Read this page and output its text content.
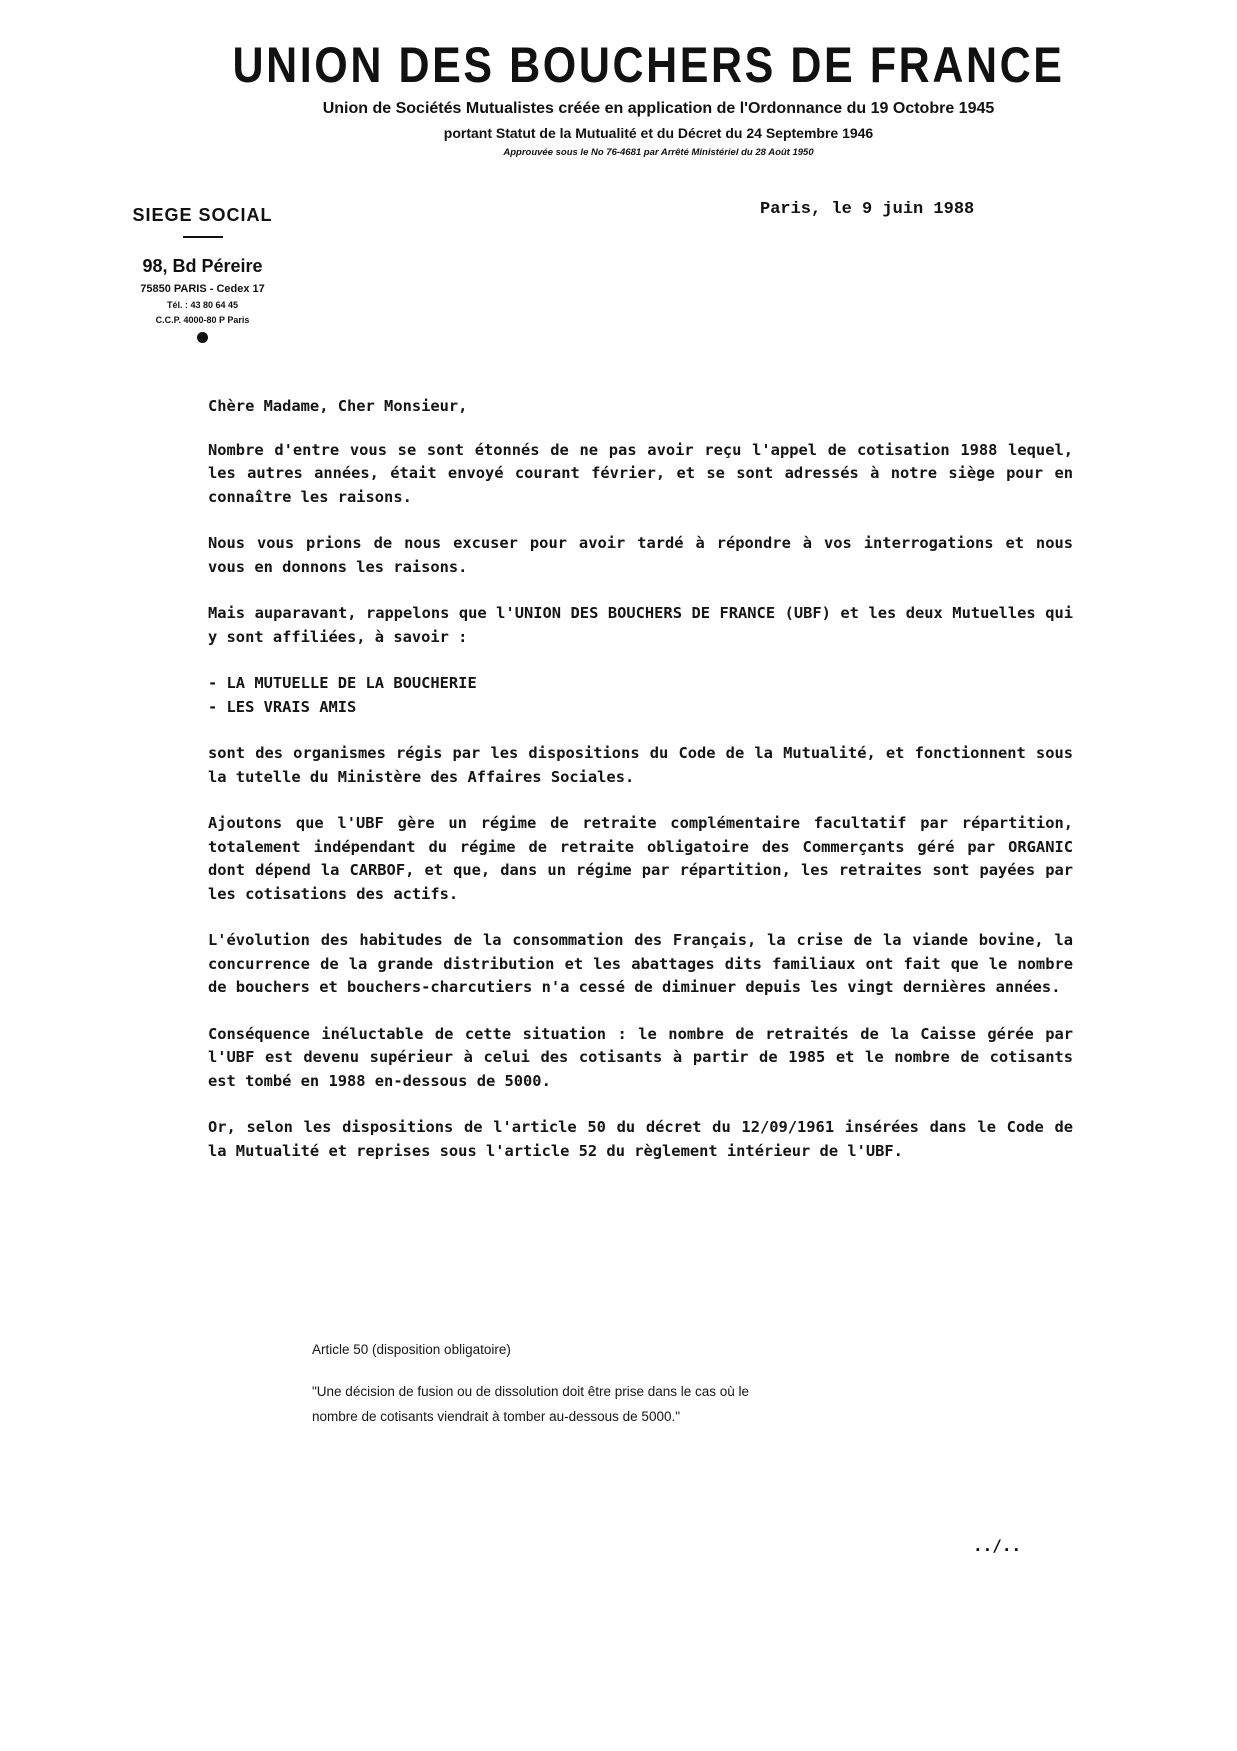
UNION DES BOUCHERS DE FRANCE
Union de Sociétés Mutualistes créée en application de l'Ordonnance du 19 Octobre 1945
portant Statut de la Mutualité et du Décret du 24 Septembre 1946
Approuvée sous le No 76-4681 par Arrêté Ministériel du 28 Août 1950
SIEGE SOCIAL
98, Bd Péreire
75850 PARIS - Cedex 17
Tél. : 43 80 64 45
C.C.P. 4000-80 P Paris
Paris, le 9 juin 1988

Chère Madame, Cher Monsieur,

Nombre d'entre vous se sont étonnés de ne pas avoir reçu l'appel de cotisation 1988 lequel, les autres années, était envoyé courant février, et se sont adressés à notre siège pour en connaître les raisons.

Nous vous prions de nous excuser pour avoir tardé à répondre à vos interrogations et nous vous en donnons les raisons.

Mais auparavant, rappelons que l'UNION DES BOUCHERS DE FRANCE (UBF) et les deux Mutuelles qui y sont affiliées, à savoir :

- LA MUTUELLE DE LA BOUCHERIE
- LES VRAIS AMIS

sont des organismes régis par les dispositions du Code de la Mutualité, et fonctionnent sous la tutelle du Ministère des Affaires Sociales.

Ajoutons que l'UBF gère un régime de retraite complémentaire facultatif par répartition, totalement indépendant du régime de retraite obligatoire des Commerçants géré par ORGANIC dont dépend la CARBOF, et que, dans un régime par répartition, les retraites sont payées par les cotisations des actifs.

L'évolution des habitudes de la consommation des Français, la crise de la viande bovine, la concurrence de la grande distribution et les abattages dits familiaux ont fait que le nombre de bouchers et bouchers-charcutiers n'a cessé de diminuer depuis les vingt dernières années.

Conséquence inéluctable de cette situation : le nombre de retraités de la Caisse gérée par l'UBF est devenu supérieur à celui des cotisants à partir de 1985 et le nombre de cotisants est tombé en 1988 en-dessous de 5000.

Or, selon les dispositions de l'article 50 du décret du 12/09/1961 insérées dans le Code de la Mutualité et reprises sous l'article 52 du règlement intérieur de l'UBF.

Article 50 (disposition obligatoire)

"Une décision de fusion ou de dissolution doit être prise dans le cas où le nombre de cotisants viendrait à tomber au-dessous de 5000."

../..
